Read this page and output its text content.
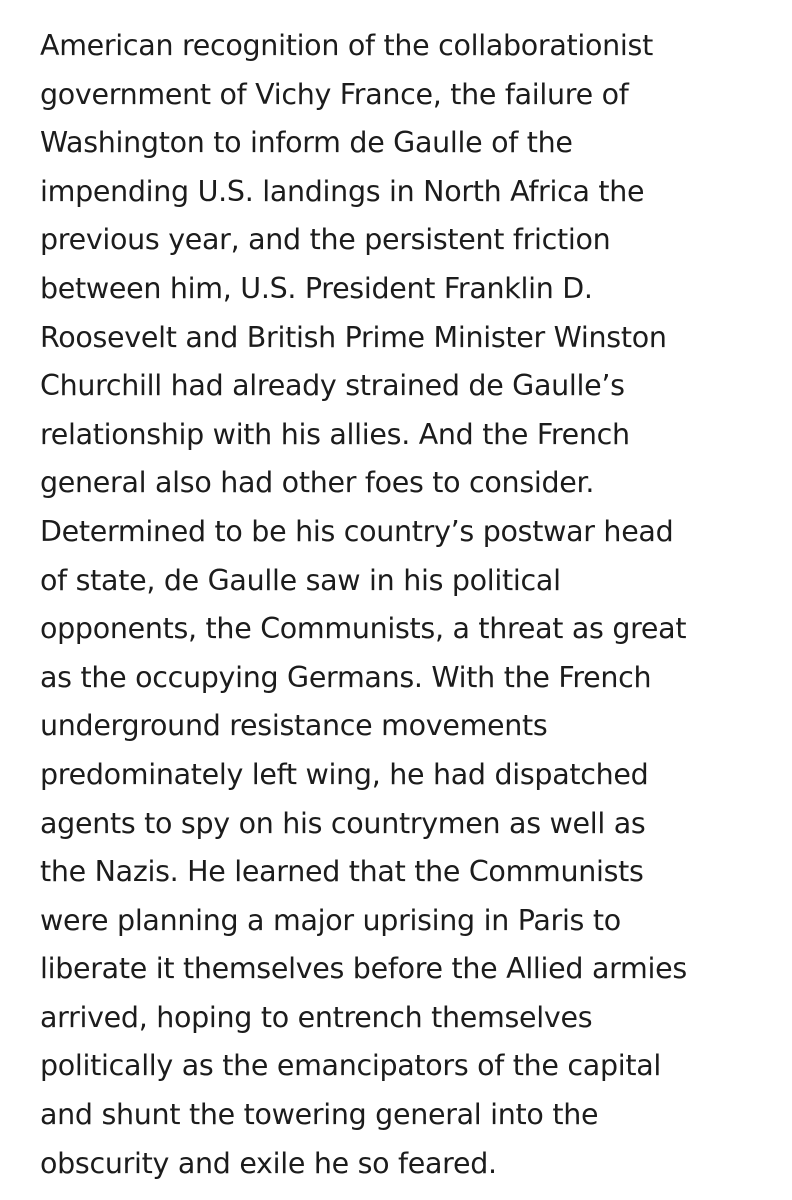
American recognition of the collaborationist
government of Vichy France, the failure of
Washington to inform de Gaulle of the
impending U.S. landings in North Africa the
previous year, and the persistent friction
between him, U.S. President Franklin D.
Roosevelt and British Prime Minister Winston
Churchill had already strained de Gaulle’s
relationship with his allies. And the French
general also had other foes to consider.
Determined to be his country’s postwar head
of state, de Gaulle saw in his political
opponents, the Communists, a threat as great
as the occupying Germans. With the French
underground resistance movements
predominately left wing, he had dispatched
agents to spy on his countrymen as well as
the Nazis. He learned that the Communists
were planning a major uprising in Paris to
liberate it themselves before the Allied armies
arrived, hoping to entrench themselves
politically as the emancipators of the capital
and shunt the towering general into the
obscurity and exile he so feared.
